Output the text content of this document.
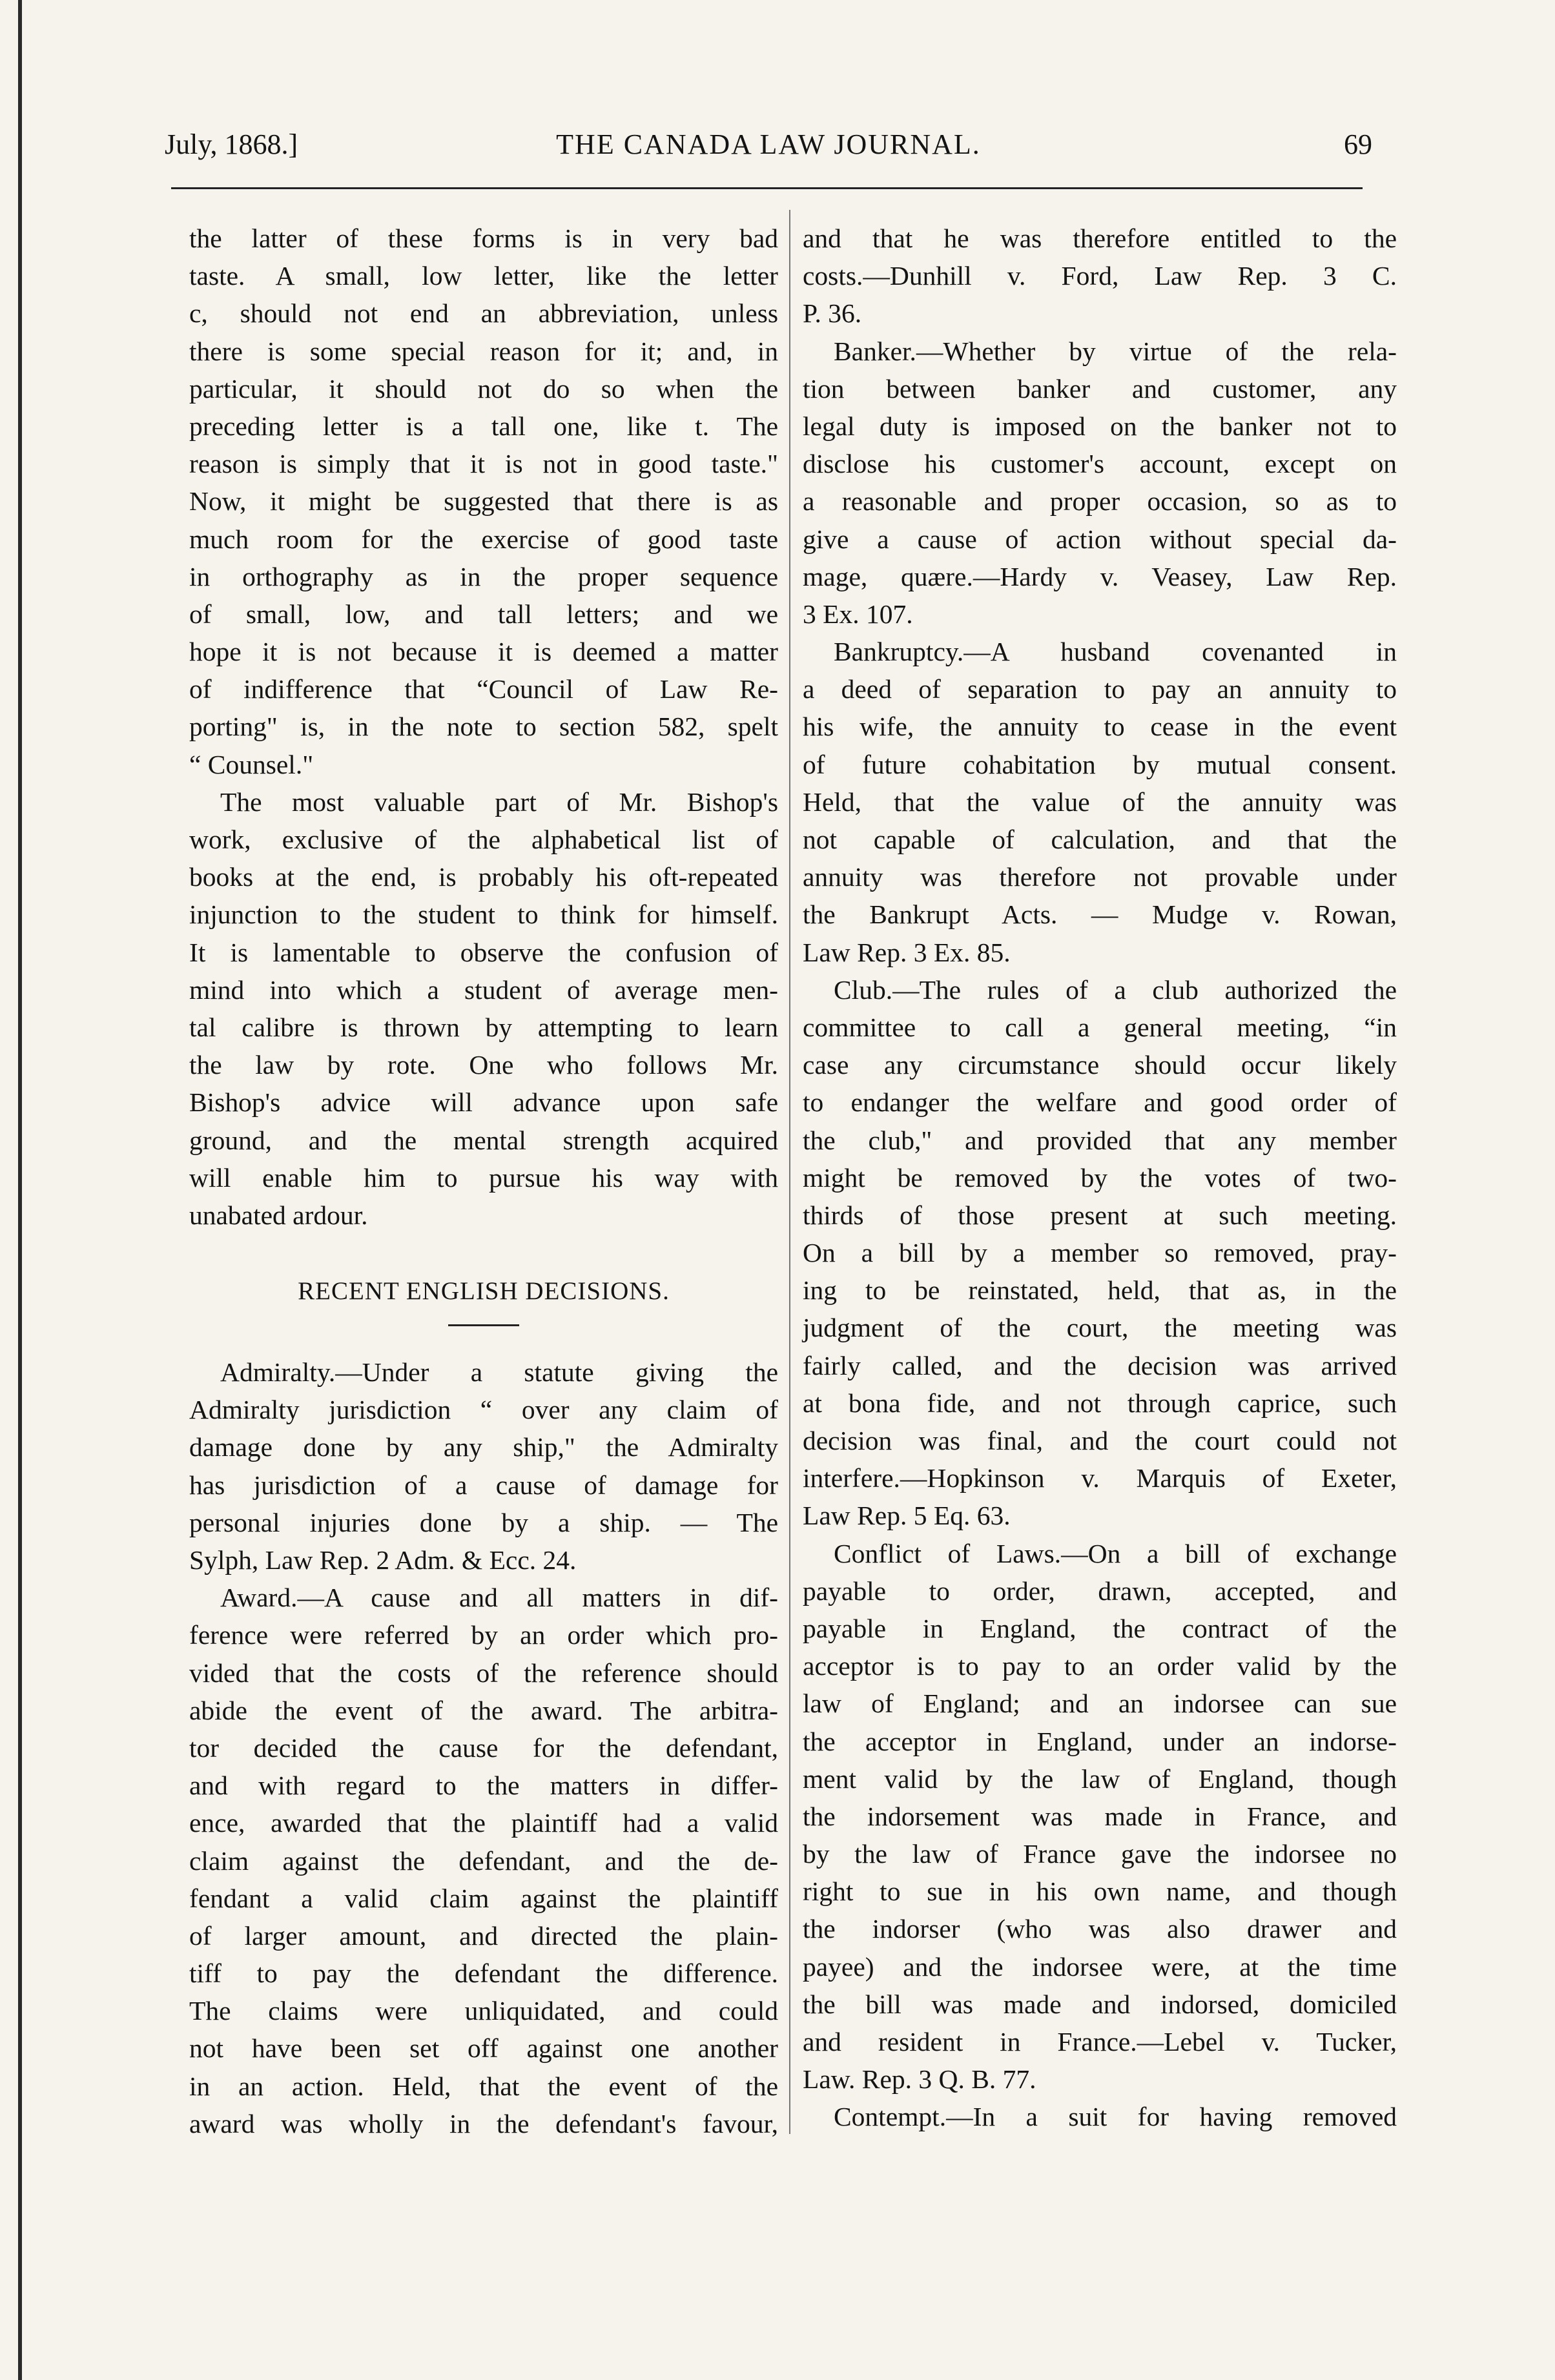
July, 1868.]	THE CANADA LAW JOURNAL.	69
the latter of these forms is in very bad
taste. A small, low letter, like the letter
c, should not end an abbreviation, unless
there is some special reason for it; and, in
particular, it should not do so when the
preceding letter is a tall one, like t. The
reason is simply that it is not in good taste."
Now, it might be suggested that there is as
much room for the exercise of good taste
in orthography as in the proper sequence
of small, low, and tall letters; and we
hope it is not because it is deemed a matter
of indifference that “Council of Law Re-
porting" is, in the note to section 582, spelt
“ Counsel."
The most valuable part of Mr. Bishop's
work, exclusive of the alphabetical list of
books at the end, is probably his oft-repeated
injunction to the student to think for himself.
It is lamentable to observe the confusion of
mind into which a student of average men-
tal calibre is thrown by attempting to learn
the law by rote. One who follows Mr.
Bishop's advice will advance upon safe
ground, and the mental strength acquired
will enable him to pursue his way with
unabated ardour.
RECENT ENGLISH DECISIONS.
Admiralty.—Under a statute giving the
Admiralty jurisdiction “ over any claim of
damage done by any ship," the Admiralty
has jurisdiction of a cause of damage for
personal injuries done by a ship. — The
Sylph, Law Rep. 2 Adm. & Ecc. 24.
Award.—A cause and all matters in dif-
ference were referred by an order which pro-
vided that the costs of the reference should
abide the event of the award. The arbitra-
tor decided the cause for the defendant,
and with regard to the matters in differ-
ence, awarded that the plaintiff had a valid
claim against the defendant, and the de-
fendant a valid claim against the plaintiff
of larger amount, and directed the plain-
tiff to pay the defendant the difference.
The claims were unliquidated, and could
not have been set off against one another
in an action. Held, that the event of the
award was wholly in the defendant's favour,
and that he was therefore entitled to the
costs.—Dunhill v. Ford, Law Rep. 3 C.
P. 36.
Banker.—Whether by virtue of the rela-
tion between banker and customer, any
legal duty is imposed on the banker not to
disclose his customer's account, except on
a reasonable and proper occasion, so as to
give a cause of action without special da-
mage, quære.—Hardy v. Veasey, Law Rep.
3 Ex. 107.
Bankruptcy.—A husband covenanted in
a deed of separation to pay an annuity to
his wife, the annuity to cease in the event
of future cohabitation by mutual consent.
Held, that the value of the annuity was
not capable of calculation, and that the
annuity was therefore not provable under
the Bankrupt Acts. — Mudge v. Rowan,
Law Rep. 3 Ex. 85.
Club.—The rules of a club authorized the
committee to call a general meeting, “in
case any circumstance should occur likely
to endanger the welfare and good order of
the club," and provided that any member
might be removed by the votes of two-
thirds of those present at such meeting.
On a bill by a member so removed, pray-
ing to be reinstated, held, that as, in the
judgment of the court, the meeting was
fairly called, and the decision was arrived
at bona fide, and not through caprice, such
decision was final, and the court could not
interfere.—Hopkinson v. Marquis of Exeter,
Law Rep. 5 Eq. 63.
Conflict of Laws.—On a bill of exchange
payable to order, drawn, accepted, and
payable in England, the contract of the
acceptor is to pay to an order valid by the
law of England; and an indorsee can sue
the acceptor in England, under an indorse-
ment valid by the law of England, though
the indorsement was made in France, and
by the law of France gave the indorsee no
right to sue in his own name, and though
the indorser (who was also drawer and
payee) and the indorsee were, at the time
the bill was made and indorsed, domiciled
and resident in France.—Lebel v. Tucker,
Law. Rep. 3 Q. B. 77.
Contempt.—In a suit for having removed
